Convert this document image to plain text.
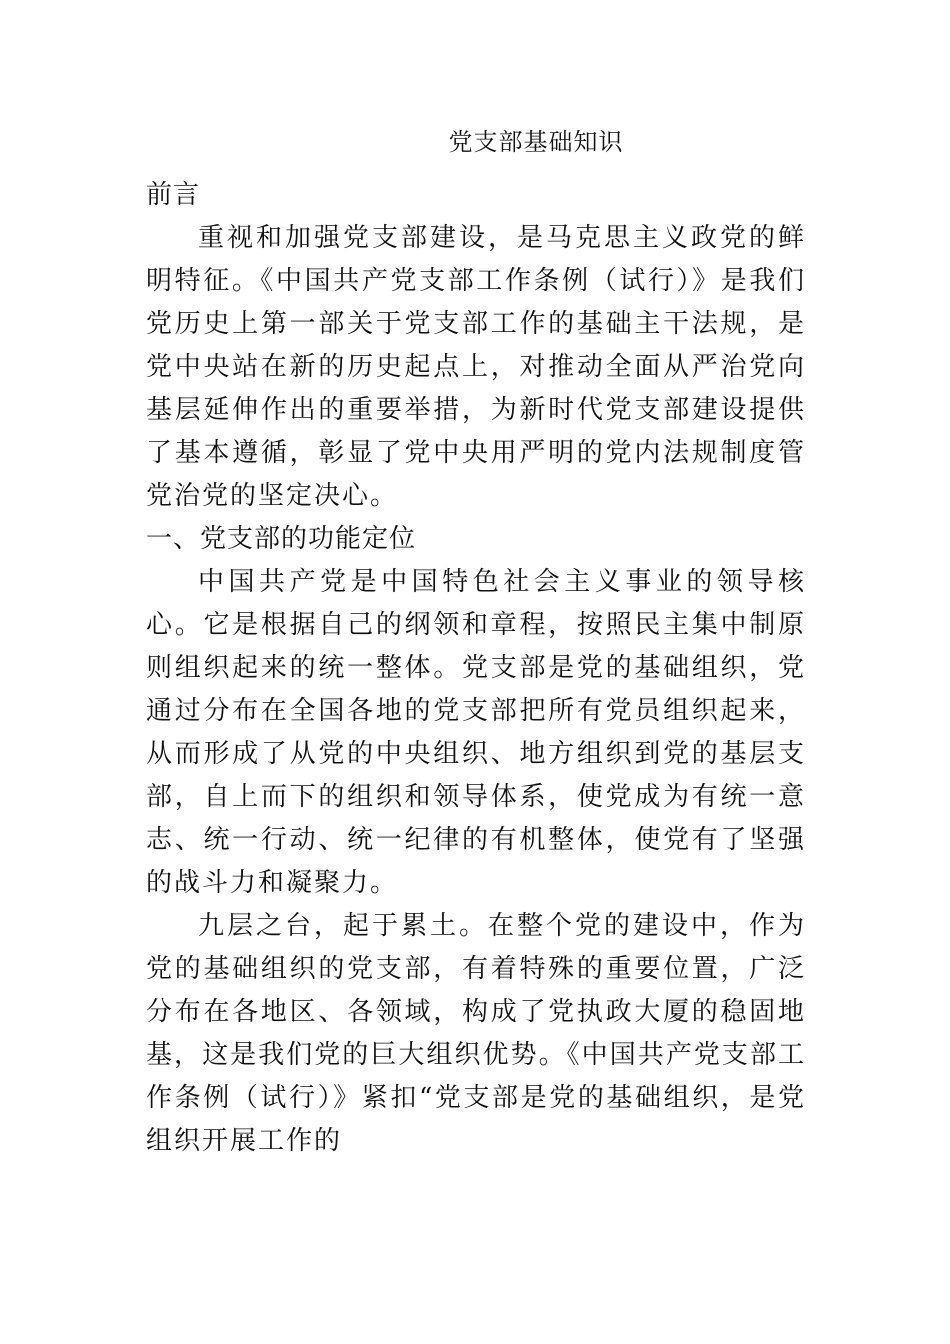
党支部基础知识
前言

重视和加强党支部建设，是马克思主义政党的鲜明特征。《中国共产党支部工作条例（试行）》是我们党历史上第一部关于党支部工作的基础主干法规，是党中央站在新的历史起点上，对推动全面从严治党向基层延伸作出的重要举措，为新时代党支部建设提供了基本遵循，彰显了党中央用严明的党内法规制度管党治党的坚定决心。

一、党支部的功能定位

中国共产党是中国特色社会主义事业的领导核心。它是根据自己的纲领和章程，按照民主集中制原则组织起来的统一整体。党支部是党的基础组织，党通过分布在全国各地的党支部把所有党员组织起来，从而形成了从党的中央组织、地方组织到党的基层支部，自上而下的组织和领导体系，使党成为有统一意志、统一行动、统一纪律的有机整体，使党有了坚强的战斗力和凝聚力。

九层之台，起于累土。在整个党的建设中，作为党的基础组织的党支部，有着特殊的重要位置，广泛分布在各地区、各领域，构成了党执政大厦的稳固地基，这是我们党的巨大组织优势。《中国共产党支部工作条例（试行）》紧扣“党支部是党的基础组织，是党组织开展工作的
